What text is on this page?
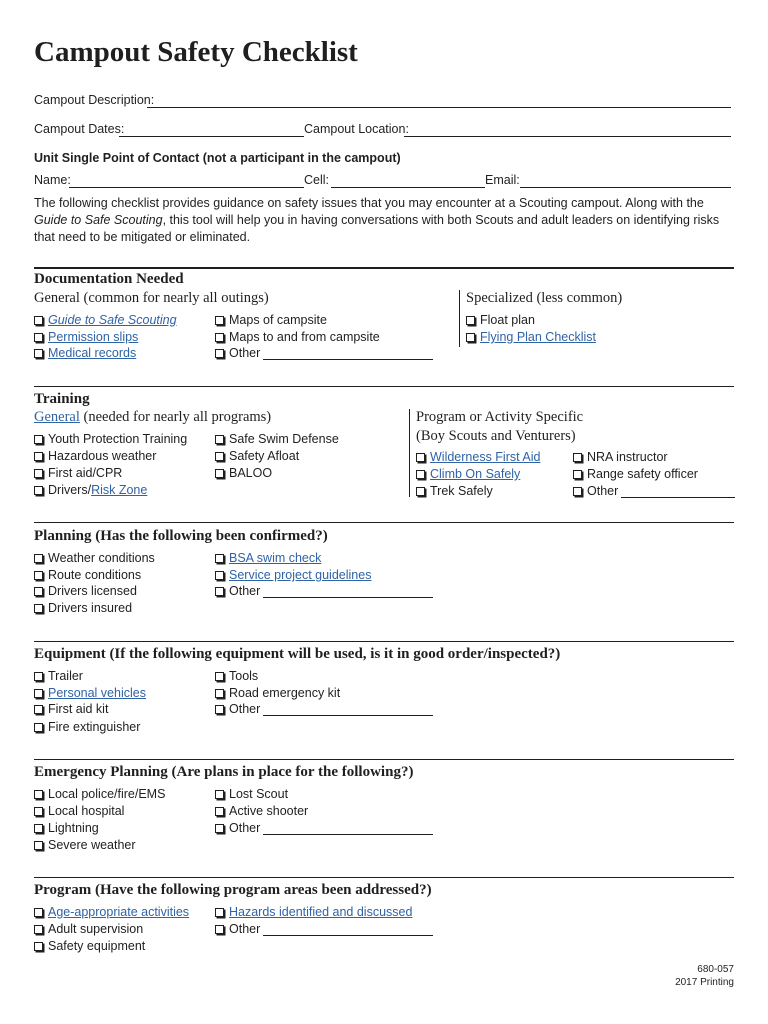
Campout Safety Checklist
Campout Description:
Campout Dates:	Campout Location:
Unit Single Point of Contact (not a participant in the campout)
Name:	Cell:	Email:

The following checklist provides guidance on safety issues that you may encounter at a Scouting campout. Along with the Guide to Safe Scouting, this tool will help you in having conversations with both Scouts and adult leaders on identifying risks that need to be mitigated or eliminated.

Documentation Needed
General (common for nearly all outings)	Specialized (less common)
Guide to Safe Scouting
Permission slips
Medical records
Maps of campsite
Maps to and from campsite
Other
Float plan
Flying Plan Checklist
Training
General (needed for nearly all programs)	Program or Activity Specific
(Boy Scouts and Venturers)
Youth Protection Training
Hazardous weather
First aid/CPR
Drivers/ Risk Zone
Safe Swim Defense
Safety Afloat
BALOO
Wilderness First Aid
Climb On Safely
Trek Safely
NRA instructor
Range safety officer
Other
Planning (Has the following been confirmed?)
Weather conditions
Route conditions
Drivers licensed
Drivers insured
BSA swim check
Service project guidelines
Other
Equipment (If the following equipment will be used, is it in good order/inspected?)
Trailer
Personal vehicles
First aid kit
Fire extinguisher
Tools
Road emergency kit
Other
Emergency Planning (Are plans in place for the following?)
Local police/fire/EMS
Local hospital
Lightning
Severe weather
Lost Scout
Active shooter
Other
Program (Have the following program areas been addressed?)
Age-appropriate activities
Adult supervision
Safety equipment
Hazards identified and discussed
Other
680-057
2017 Printing
